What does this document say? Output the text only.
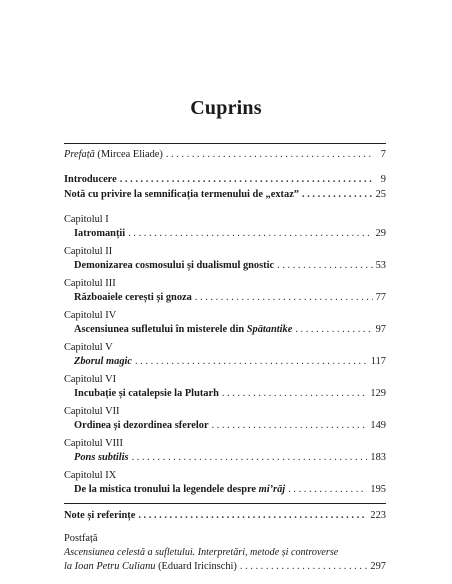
Cuprins
Prefață (Mircea Eliade) . . .	7
Introducere . . .	9
Notă cu privire la semnificația termenului de „extaz” . . .	25
Capitolul I
Iatromanții . . .	29
Capitolul II
Demonizarea cosmosului și dualismul gnostic . . .	53
Capitolul III
Războaiele cerești și gnoza . . .	77
Capitolul IV
Ascensiunea sufletului în misterele din Spätantike . . .	97
Capitolul V
Zborul magic . . .	117
Capitolul VI
Incubație și catalepsie la Plutarh . . .	129
Capitolul VII
Ordinea și dezordinea sferelor . . .	149
Capitolul VIII
Pons subtilis . . .	183
Capitolul IX
De la mistica tronului la legendele despre mi’rāj . . .	195
Note și referințe . . .	223
Postfață
Ascensiunea celestă a sufletului. Interpretări, metode și controverse
la Ioan Petru Culianu (Eduard Iricinschi) . . .	297
